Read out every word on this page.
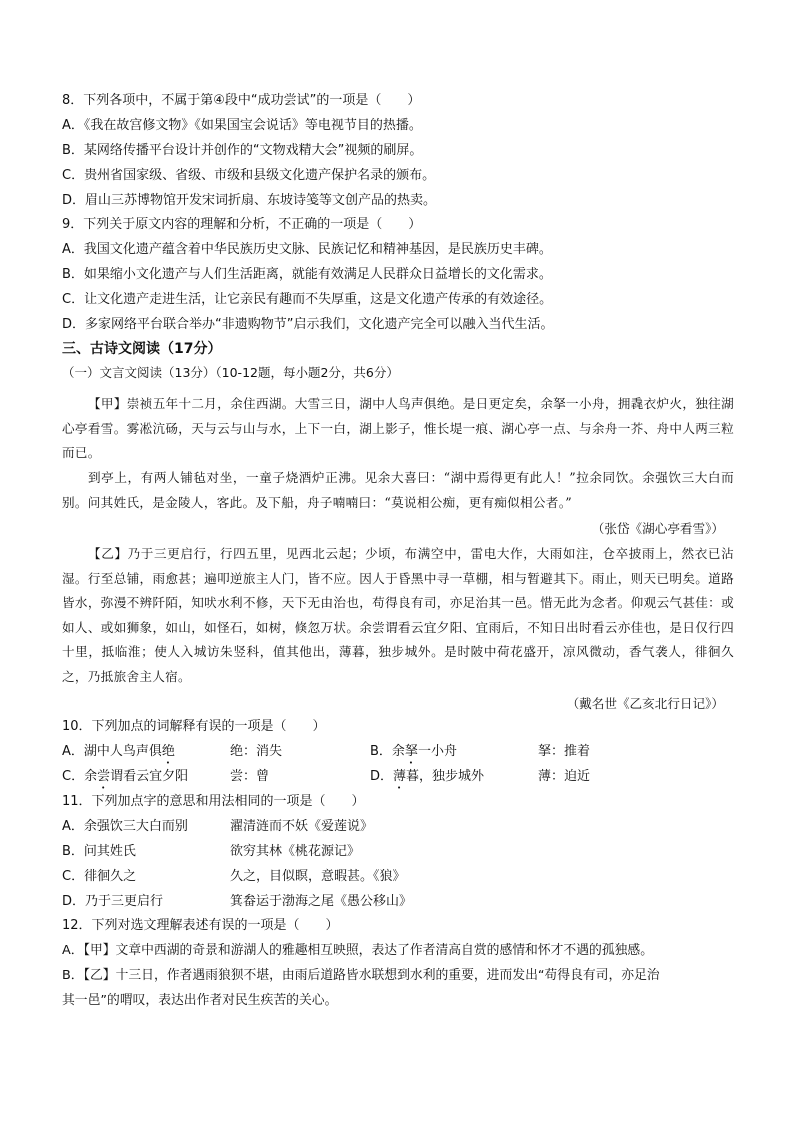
8．下列各项中，不属于第④段中“成功尝试”的一项是（　　）
A．《我在故宫修文物》《如果国宝会说话》等电视节目的热播。
B．某网络传播平台设计并创作的“文物戏精大会”视频的刷屏。
C．贵州省国家级、省级、市级和县级文化遗产保护名录的颁布。
D．眉山三苏博物馆开发宋词折扇、东坡诗笺等文创产品的热卖。
9．下列关于原文内容的理解和分析，不正确的一项是（　　）
A．我国文化遗产蕴含着中华民族历史文脉、民族记忆和精神基因，是民族历史丰碑。
B．如果缩小文化遗产与人们生活距离，就能有效满足人民群众日益增长的文化需求。
C．让文化遗产走进生活，让它亲民有趣而不失厚重，这是文化遗产传承的有效途径。
D．多家网络平台联合举办“非遗购物节”启示我们，文化遗产完全可以融入当代生活。
三、古诗文阅读（17分）
（一）文言文阅读（13分）（10-12题，每小题2分，共6分）
【甲】崇祯五年十二月，余住西湖。大雪三日，湖中人鸟声俱绝。是日更定矣，余拏一小舟，拥毳衣炉火，独往湖心亭看雪。雾凇沆砀，天与云与山与水，上下一白，湖上影子，惟长堤一痕、湖心亭一点、与余舟一芥、舟中人两三粒而已。
到亭上，有两人铺毡对坐，一童子烧酒炉正沸。见余大喜曰：“湖中焉得更有此人！”拉余同饮。余强饮三大白而别。问其姓氏，是金陵人，客此。及下船，舟子喃喃曰：“莫说相公痴，更有痴似相公者。”
（张岱《湖心亭看雪》）
【乙】乃于三更启行，行四五里，见西北云起；少顷，布满空中，雷电大作，大雨如注，仓卒披雨上，然衣已沾湿。行至总铺，雨愈甚；遍叩逆旅主人门，皆不应。因人于昏黑中寻一草棚，相与暂避其下。雨止，则天已明矣。道路皆水，弥漫不辨阡陌，知吠水利不修，天下无由治也，苟得良有司，亦足治其一邑。惜无此为念者。仰观云气甚佳：或如人、或如狮象，如山，如怪石，如树，倏忽万状。余尝谓看云宜夕阳、宜雨后，不知日出时看云亦佳也，是日仅行四十里，抵临淮；使人入城访朱竖科，值其他出，薄暮，独步城外。是时陂中荷花盛开，凉风微动，香气袭人，徘徊久之，乃抵旅舍主人宿。
（戴名世《乙亥北行日记》）
10．下列加点的词解释有误的一项是（　　）
A．湖中人鸟声俱绝	绝：消失	B．余拏一小舟	拏：推着
C．余尝谓看云宜夕阳	尝：曾	D．薄暮，独步城外	薄：迫近
11．下列加点字的意思和用法相同的一项是（　　）
A．余强饮三大白而别	濯清涟而不妖《爱莲说》
B．问其姓氏	欲穷其林《桃花源记》
C．徘徊久之	久之，目似瞑，意暇甚。《狼》
D．乃于三更启行	箕畚运于渤海之尾《愚公移山》
12．下列对选文理解表述有误的一项是（　　）
A．【甲】文章中西湖的奇景和游湖人的雅趣相互映照，表达了作者清高自赏的感情和怀才不遇的孤独感。
B．【乙】十三日，作者遇雨狼狈不堪，由雨后道路皆水联想到水利的重要，进而发出“苟得良有司，亦足治
其一邑”的喟叹，表达出作者对民生疾苦的关心。
